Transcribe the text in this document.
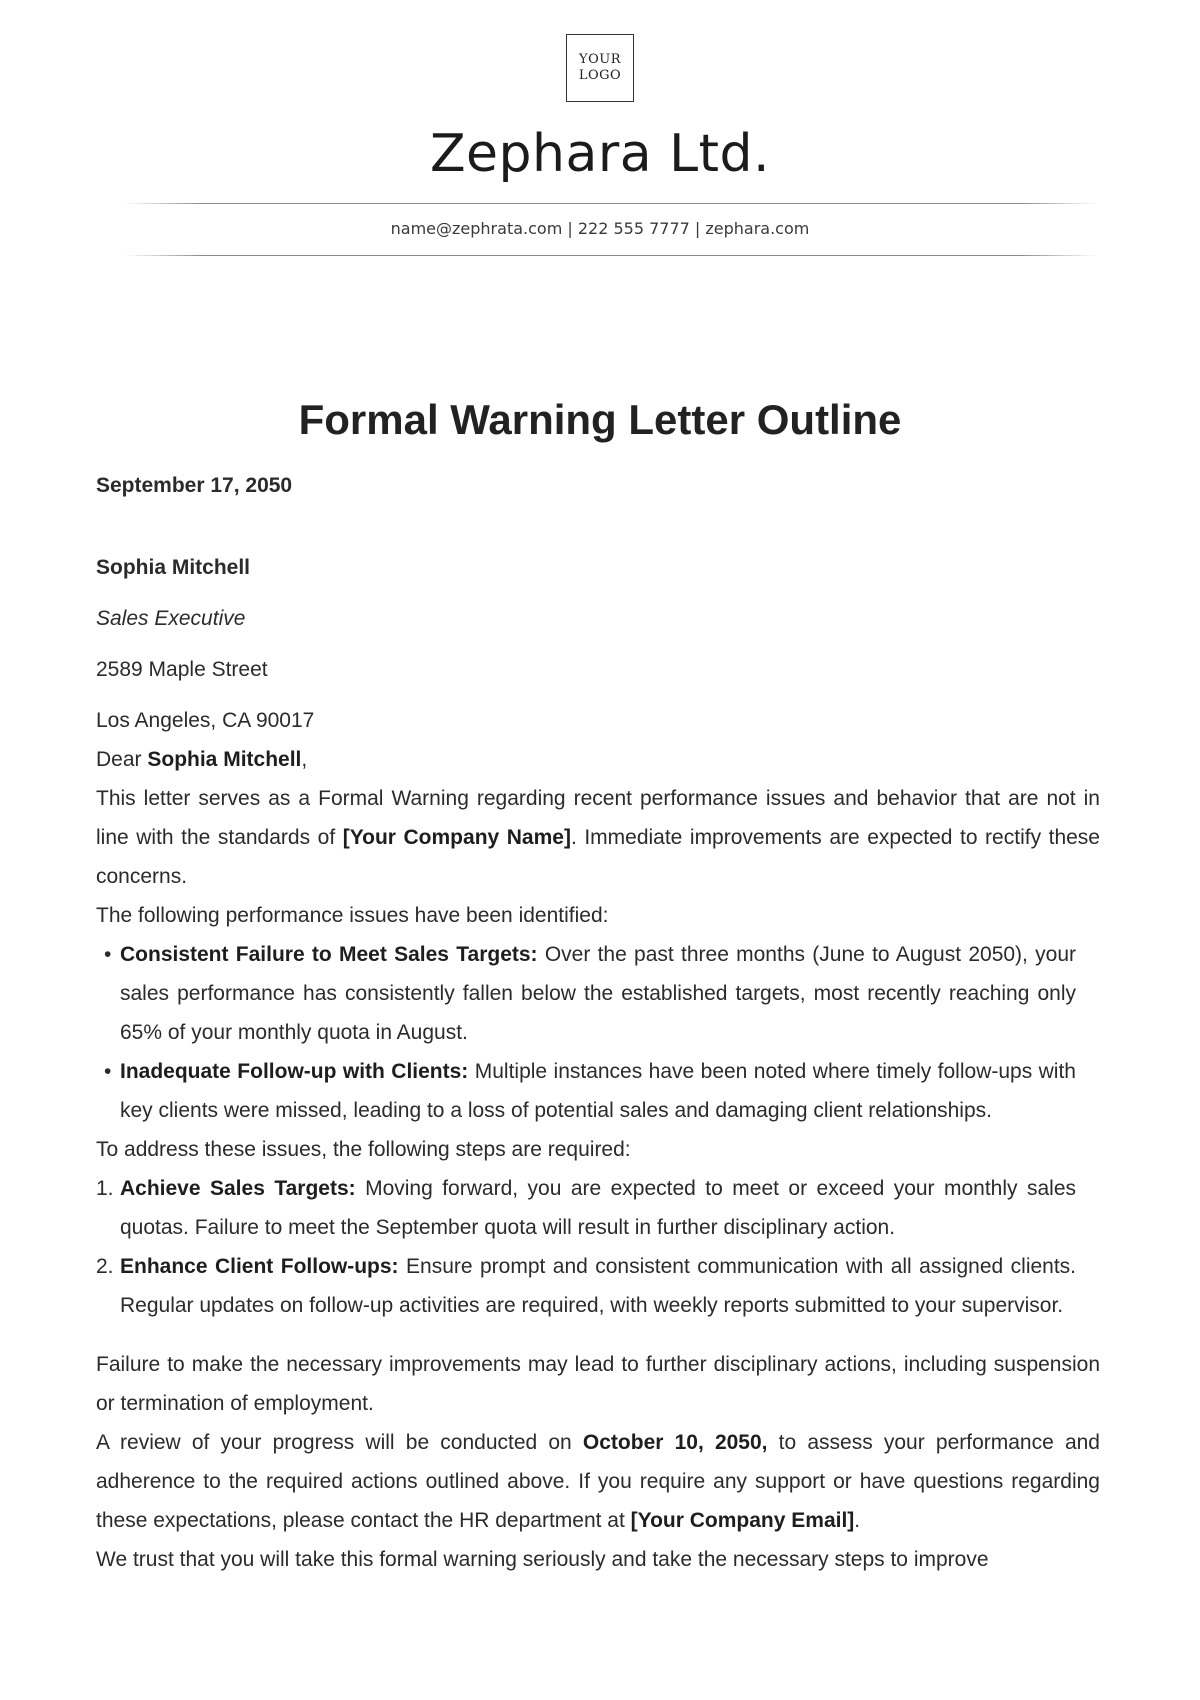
YOUR
LOGO
Zephara Ltd.
name@zephrata.com | 222 555 7777 | zephara.com
Formal Warning Letter Outline

September 17, 2050

Sophia Mitchell

Sales Executive

2589 Maple Street

Los Angeles, CA 90017

Dear Sophia Mitchell,

This letter serves as a Formal Warning regarding recent performance issues and behavior that are not in line with the standards of [Your Company Name]. Immediate improvements are expected to rectify these concerns.

The following performance issues have been identified:

• Consistent Failure to Meet Sales Targets: Over the past three months (June to August 2050), your sales performance has consistently fallen below the established targets, most recently reaching only 65% of your monthly quota in August.
• Inadequate Follow-up with Clients: Multiple instances have been noted where timely follow-ups with key clients were missed, leading to a loss of potential sales and damaging client relationships.

To address these issues, the following steps are required:

1. Achieve Sales Targets: Moving forward, you are expected to meet or exceed your monthly sales quotas. Failure to meet the September quota will result in further disciplinary action.
2. Enhance Client Follow-ups: Ensure prompt and consistent communication with all assigned clients. Regular updates on follow-up activities are required, with weekly reports submitted to your supervisor.

Failure to make the necessary improvements may lead to further disciplinary actions, including suspension or termination of employment.

A review of your progress will be conducted on October 10, 2050, to assess your performance and adherence to the required actions outlined above. If you require any support or have questions regarding these expectations, please contact the HR department at [Your Company Email].

We trust that you will take this formal warning seriously and take the necessary steps to improve
